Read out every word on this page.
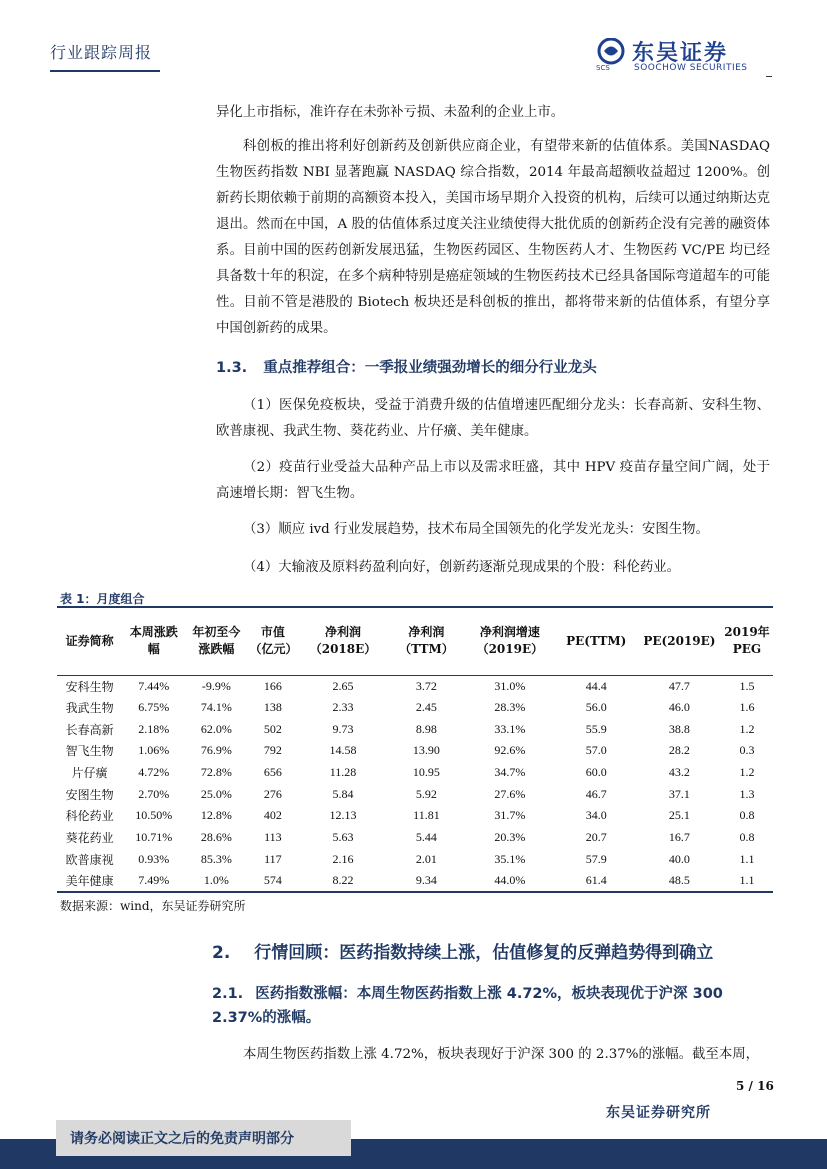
行业跟踪周报
SCS
东吴证券
SOOCHOW SECURITIES

异化上市指标，准许存在未弥补亏损、未盈利的企业上市。

科创板的推出将利好创新药及创新供应商企业，有望带来新的估值体系。美国NASDAQ 生物医药指数 NBI 显著跑赢 NASDAQ 综合指数，2014 年最高超额收益超过 1200%。创新药长期依赖于前期的高额资本投入，美国市场早期介入投资的机构，后续可以通过纳斯达克退出。然而在中国，A 股的估值体系过度关注业绩使得大批优质的创新药企没有完善的融资体系。目前中国的医药创新发展迅猛，生物医药园区、生物医药人才、生物医药 VC/PE 均已经具备数十年的积淀，在多个病种特别是癌症领域的生物医药技术已经具备国际弯道超车的可能性。目前不管是港股的 Biotech 板块还是科创板的推出，都将带来新的估值体系，有望分享中国创新药的成果。

1.3. 重点推荐组合：一季报业绩强劲增长的细分行业龙头

（1）医保免疫板块，受益于消费升级的估值增速匹配细分龙头：长春高新、安科生物、欧普康视、我武生物、葵花药业、片仔癀、美年健康。

（2）疫苗行业受益大品种产品上市以及需求旺盛，其中 HPV 疫苗存量空间广阔，处于高速增长期：智飞生物。

（3）顺应 ivd 行业发展趋势，技术布局全国领先的化学发光龙头：安图生物。

（4）大输液及原料药盈利向好，创新药逐渐兑现成果的个股：科伦药业。

表 1：月度组合
证券简称	本周涨跌幅	年初至今涨跌幅	市值（亿元）	净利润（2018E）	净利润（TTM）	净利润增速（2019E）	PE(TTM)	PE(2019E)	2019年PEG
安科生物	7.44%	-9.9%	166	2.65	3.72	31.0%	44.4	47.7	1.5
我武生物	6.75%	74.1%	138	2.33	2.45	28.3%	56.0	46.0	1.6
长春高新	2.18%	62.0%	502	9.73	8.98	33.1%	55.9	38.8	1.2
智飞生物	1.06%	76.9%	792	14.58	13.90	92.6%	57.0	28.2	0.3
片仔癀	4.72%	72.8%	656	11.28	10.95	34.7%	60.0	43.2	1.2
安图生物	2.70%	25.0%	276	5.84	5.92	27.6%	46.7	37.1	1.3
科伦药业	10.50%	12.8%	402	12.13	11.81	31.7%	34.0	25.1	0.8
葵花药业	10.71%	28.6%	113	5.63	5.44	20.3%	20.7	16.7	0.8
欧普康视	0.93%	85.3%	117	2.16	2.01	35.1%	57.9	40.0	1.1
美年健康	7.49%	1.0%	574	8.22	9.34	44.0%	61.4	48.5	1.1
数据来源：wind，东吴证券研究所
2. 行情回顾：医药指数持续上涨，估值修复的反弹趋势得到确立
2.1. 医药指数涨幅：本周生物医药指数上涨 4.72%，板块表现优于沪深 300 2.37%的涨幅。

本周生物医药指数上涨 4.72%，板块表现好于沪深 300 的 2.37%的涨幅。截至本周，

5 / 16
东吴证券研究所
请务必阅读正文之后的免责声明部分
